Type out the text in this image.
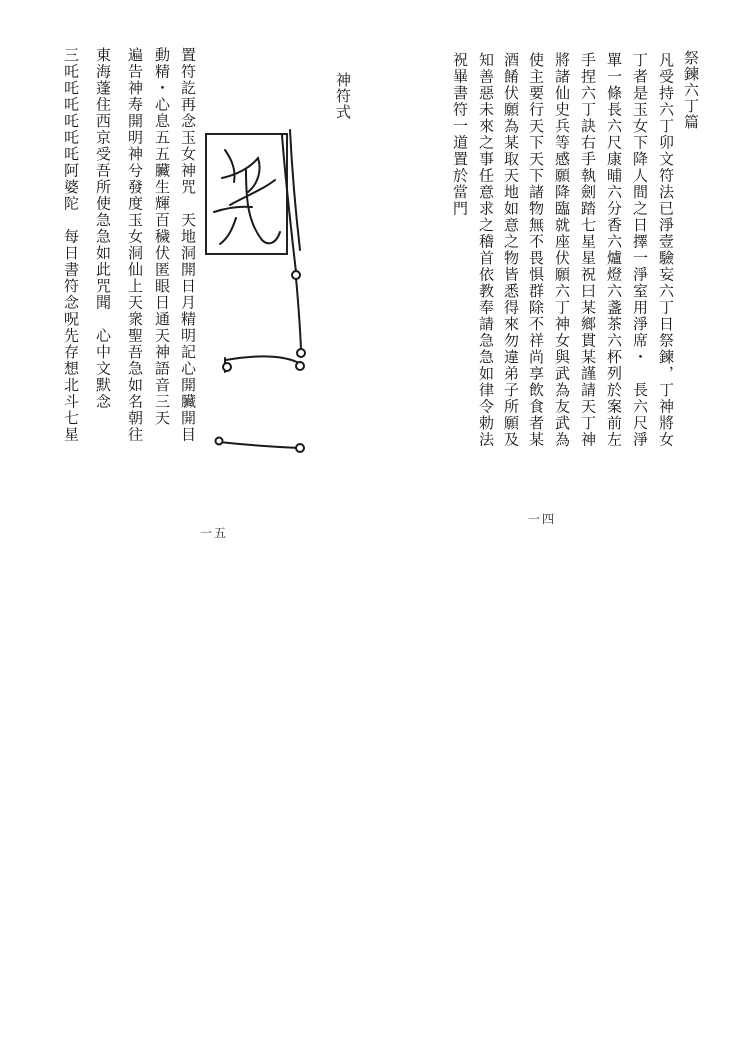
祭鍊六丁篇
凡受持六丁卯文符法已淨壹驗妄六丁日祭鍊，丁神將女
丁者是玉女下降人間之日擇一淨室用淨席・　長六尺淨
單一條長六尺康晡六分香六爐燈六盞茶六杯列於案前左
手捏六丁訣右手執劍踏七星星祝曰某鄉貫某謹請天丁神
將諸仙史兵等感願降臨就座伏願六丁神女與武為友武為
使主要行天下天下諸物無不畏惧群除不祥尚享飲食者某
酒餚伏願為某取天地如意之物皆悉得來勿違弟子所願及
知善惡未來之事任意求之稽首依教奉請急急如律令勅法
祝畢書符一道置於當門
一四
神符式
置符訖再念玉女神咒　天地洞開日月精明記心開臟開目
動精・心息五五臟生輝百穢伏匿眼日通天神語音三天
遍告神寿開明神兮發度玉女洞仙上天衆聖吾急如名朝往
東海蓬住西京受吾所使急急如此咒聞　心中文默念
三吒吒吒吒吒吒阿婆陀　每日書符念呪先存想北斗七星
一五
